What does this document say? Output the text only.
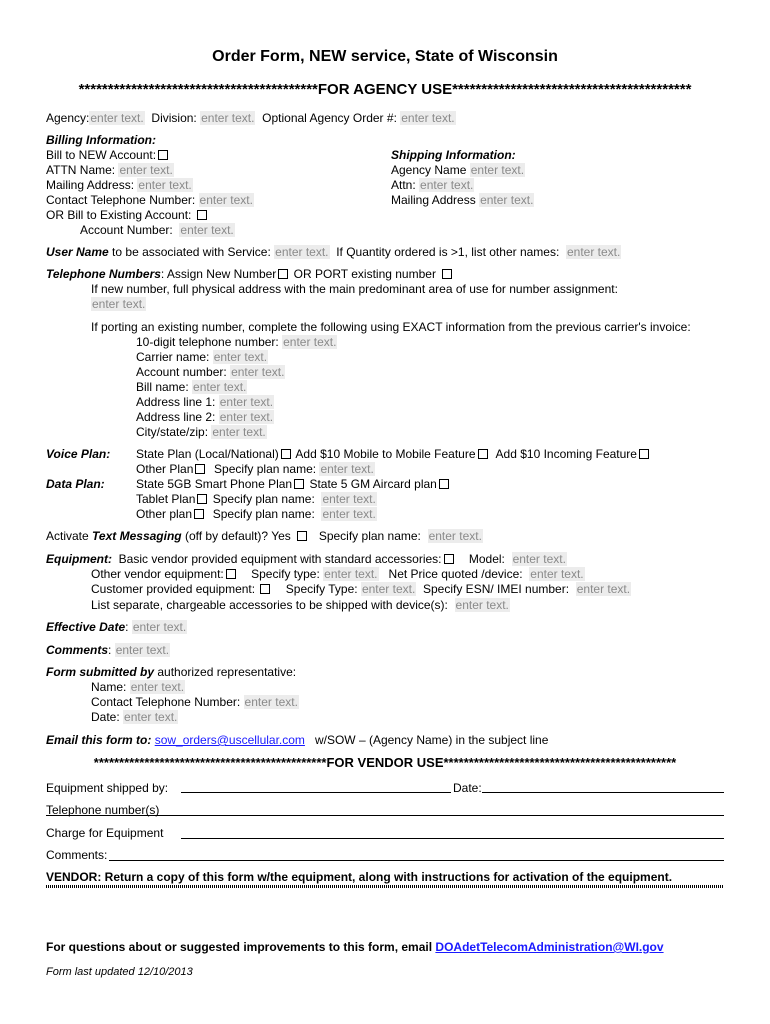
Order Form, NEW service, State of Wisconsin
*****************************************FOR AGENCY USE*****************************************
Agency:enter text. Division: enter text. Optional Agency Order #: enter text.
Billing Information:
Bill to NEW Account:
ATTN Name: enter text.
Mailing Address: enter text.
Contact Telephone Number: enter text.
OR Bill to Existing Account:
Account Number: enter text.
Shipping Information:
Agency Name enter text.
Attn: enter text.
Mailing Address enter text.
User Name to be associated with Service: enter text. If Quantity ordered is >1, list other names: enter text.
Telephone Numbers: Assign New Number OR PORT existing number
If new number, full physical address with the main predominant area of use for number assignment:
enter text.
If porting an existing number, complete the following using EXACT information from the previous carrier's invoice:
10-digit telephone number: enter text.
Carrier name: enter text.
Account number: enter text.
Bill name: enter text.
Address line 1: enter text.
Address line 2: enter text.
City/state/zip: enter text.
Voice Plan: State Plan (Local/National) Add $10 Mobile to Mobile Feature Add $10 Incoming Feature
Other Plan Specify plan name: enter text.
Data Plan:	State 5GB Smart Phone Plan State 5 GM Aircard plan
Tablet Plan Specify plan name: enter text.
Other plan Specify plan name: enter text.
Activate Text Messaging (off by default)? Yes Specify plan name: enter text.
Equipment: Basic vendor provided equipment with standard accessories: Model: enter text.
Other vendor equipment: Specify type: enter text. Net Price quoted /device: enter text.
Customer provided equipment:	Specify Type: enter text. Specify ESN/ IMEI number: enter text.
List separate, chargeable accessories to be shipped with device(s): enter text.
Effective Date: enter text.
Comments: enter text.
Form submitted by authorized representative:
Name: enter text.
Contact Telephone Number: enter text.
Date: enter text.
Email this form to: sow_orders@uscellular.com w/SOW – (Agency Name) in the subject line
**********************************************FOR VENDOR USE**********************************************
Equipment shipped by:	Date:
Telephone number(s)
Charge for Equipment
Comments:
VENDOR: Return a copy of this form w/the equipment, along with instructions for activation of the equipment.
For questions about or suggested improvements to this form, email DOAdetTelecomAdministration@WI.gov
Form last updated 12/10/2013
